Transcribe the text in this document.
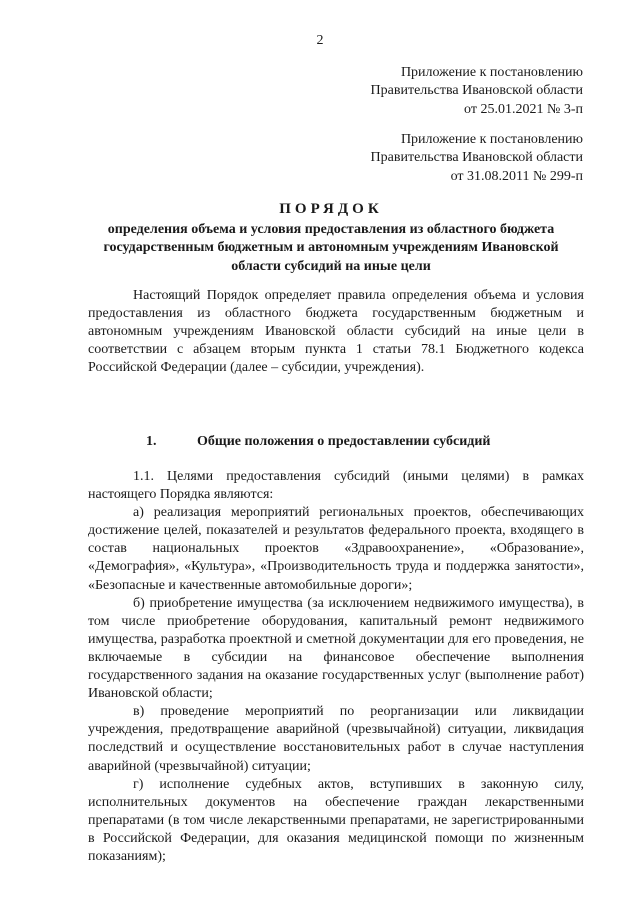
2
Приложение к постановлению
Правительства Ивановской области
от 25.01.2021 № 3-п
Приложение к постановлению
Правительства Ивановской области
от 31.08.2011 № 299-п
ПОРЯДОК
определения объема и условия предоставления из областного бюджета государственным бюджетным и автономным учреждениям Ивановской области субсидий на иные цели

Настоящий Порядок определяет правила определения объема и условия предоставления из областного бюджета государственным бюджетным и автономным учреждениям Ивановской области субсидий на иные цели в соответствии с абзацем вторым пункта 1 статьи 78.1 Бюджетного кодекса Российской Федерации (далее – субсидии, учреждения).

1.	Общие положения о предоставлении субсидий

1.1. Целями предоставления субсидий (иными целями) в рамках настоящего Порядка являются:

а) реализация мероприятий региональных проектов, обеспечивающих достижение целей, показателей и результатов федерального проекта, входящего в состав национальных проектов «Здравоохранение», «Образование», «Демография», «Культура», «Производительность труда и поддержка занятости», «Безопасные и качественные автомобильные дороги»;

б) приобретение имущества (за исключением недвижимого имущества), в том числе приобретение оборудования, капитальный ремонт недвижимого имущества, разработка проектной и сметной документации для его проведения, не включаемые в субсидии на финансовое обеспечение выполнения государственного задания на оказание государственных услуг (выполнение работ) Ивановской области;

в) проведение мероприятий по реорганизации или ликвидации учреждения, предотвращение аварийной (чрезвычайной) ситуации, ликвидация последствий и осуществление восстановительных работ в случае наступления аварийной (чрезвычайной) ситуации;

г) исполнение судебных актов, вступивших в законную силу, исполнительных документов на обеспечение граждан лекарственными препаратами (в том числе лекарственными препаратами, не зарегистрированными в Российской Федерации, для оказания медицинской помощи по жизненным показаниям);
